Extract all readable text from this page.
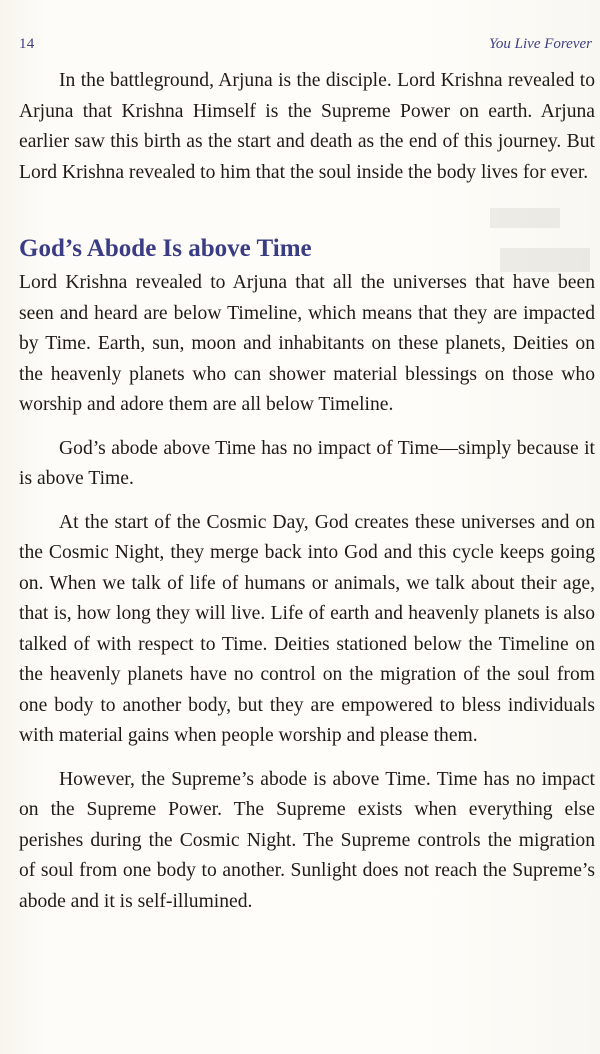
14	You Live Forever

In the battleground, Arjuna is the disciple. Lord Krishna revealed to Arjuna that Krishna Himself is the Supreme Power on earth. Arjuna earlier saw this birth as the start and death as the end of this journey. But Lord Krishna revealed to him that the soul inside the body lives for ever.

God’s Abode Is above Time

Lord Krishna revealed to Arjuna that all the universes that have been seen and heard are below Timeline, which means that they are impacted by Time. Earth, sun, moon and inhabitants on these planets, Deities on the heavenly planets who can shower material blessings on those who worship and adore them are all below Timeline.

God’s abode above Time has no impact of Time—simply because it is above Time.

At the start of the Cosmic Day, God creates these universes and on the Cosmic Night, they merge back into God and this cycle keeps going on. When we talk of life of humans or animals, we talk about their age, that is, how long they will live. Life of earth and heavenly planets is also talked of with respect to Time. Deities stationed below the Timeline on the heavenly planets have no control on the migration of the soul from one body to another body, but they are empowered to bless individuals with material gains when people worship and please them.

However, the Supreme’s abode is above Time. Time has no impact on the Supreme Power. The Supreme exists when everything else perishes during the Cosmic Night. The Supreme controls the migration of soul from one body to another. Sunlight does not reach the Supreme’s abode and it is self-illumined.
